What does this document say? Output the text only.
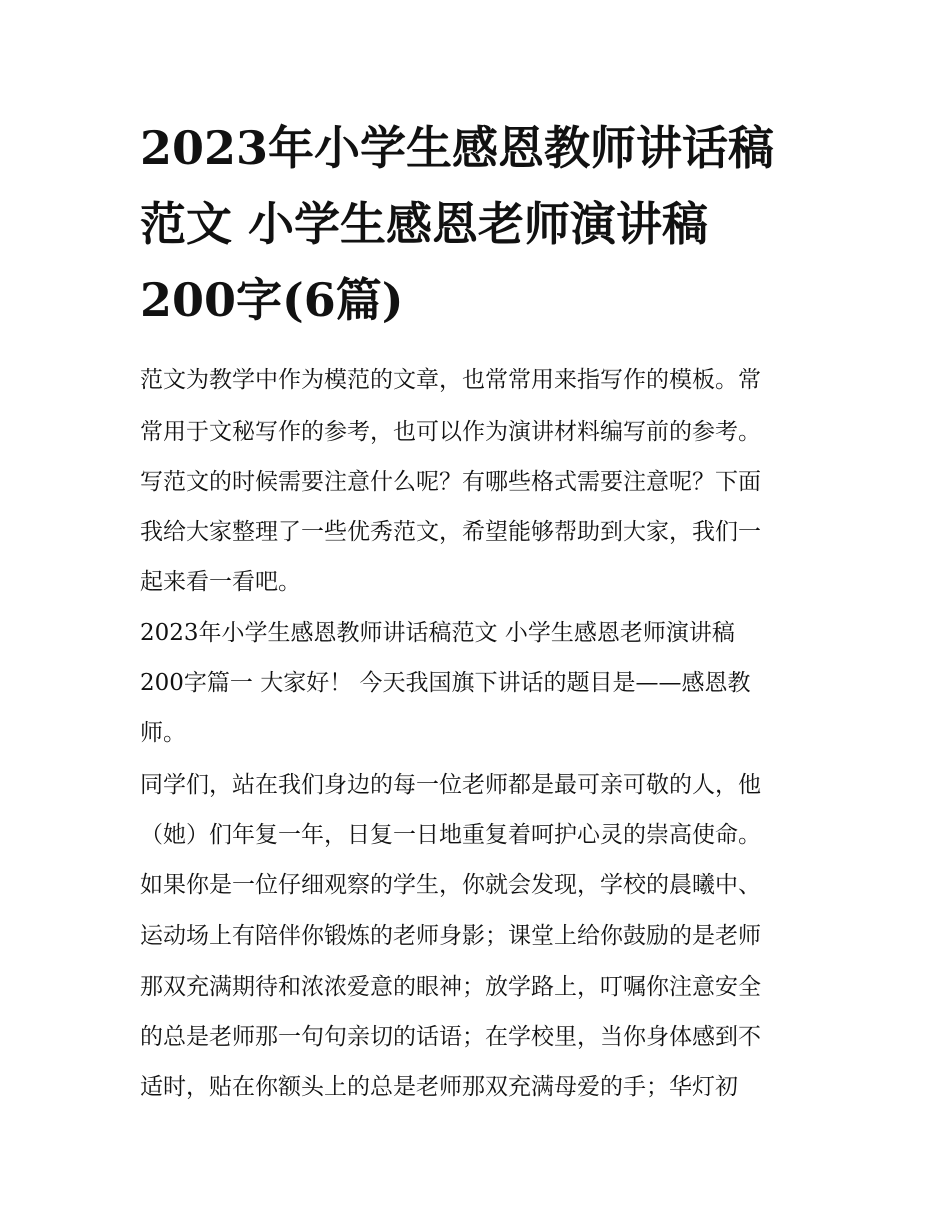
2023年小学生感恩教师讲话稿
范文 小学生感恩老师演讲稿
200字(6篇)
范文为教学中作为模范的文章，也常常用来指写作的模板。常
常用于文秘写作的参考，也可以作为演讲材料编写前的参考。
写范文的时候需要注意什么呢？有哪些格式需要注意呢？下面
我给大家整理了一些优秀范文，希望能够帮助到大家，我们一
起来看一看吧。
2023年小学生感恩教师讲话稿范文 小学生感恩老师演讲稿
200字篇一 大家好！ 今天我国旗下讲话的题目是——感恩教
师。
同学们，站在我们身边的每一位老师都是最可亲可敬的人，他
（她）们年复一年，日复一日地重复着呵护心灵的崇高使命。
如果你是一位仔细观察的学生，你就会发现，学校的晨曦中、
运动场上有陪伴你锻炼的老师身影；课堂上给你鼓励的是老师
那双充满期待和浓浓爱意的眼神；放学路上，叮嘱你注意安全
的总是老师那一句句亲切的话语；在学校里，当你身体感到不
适时，贴在你额头上的总是老师那双充满母爱的手；华灯初
